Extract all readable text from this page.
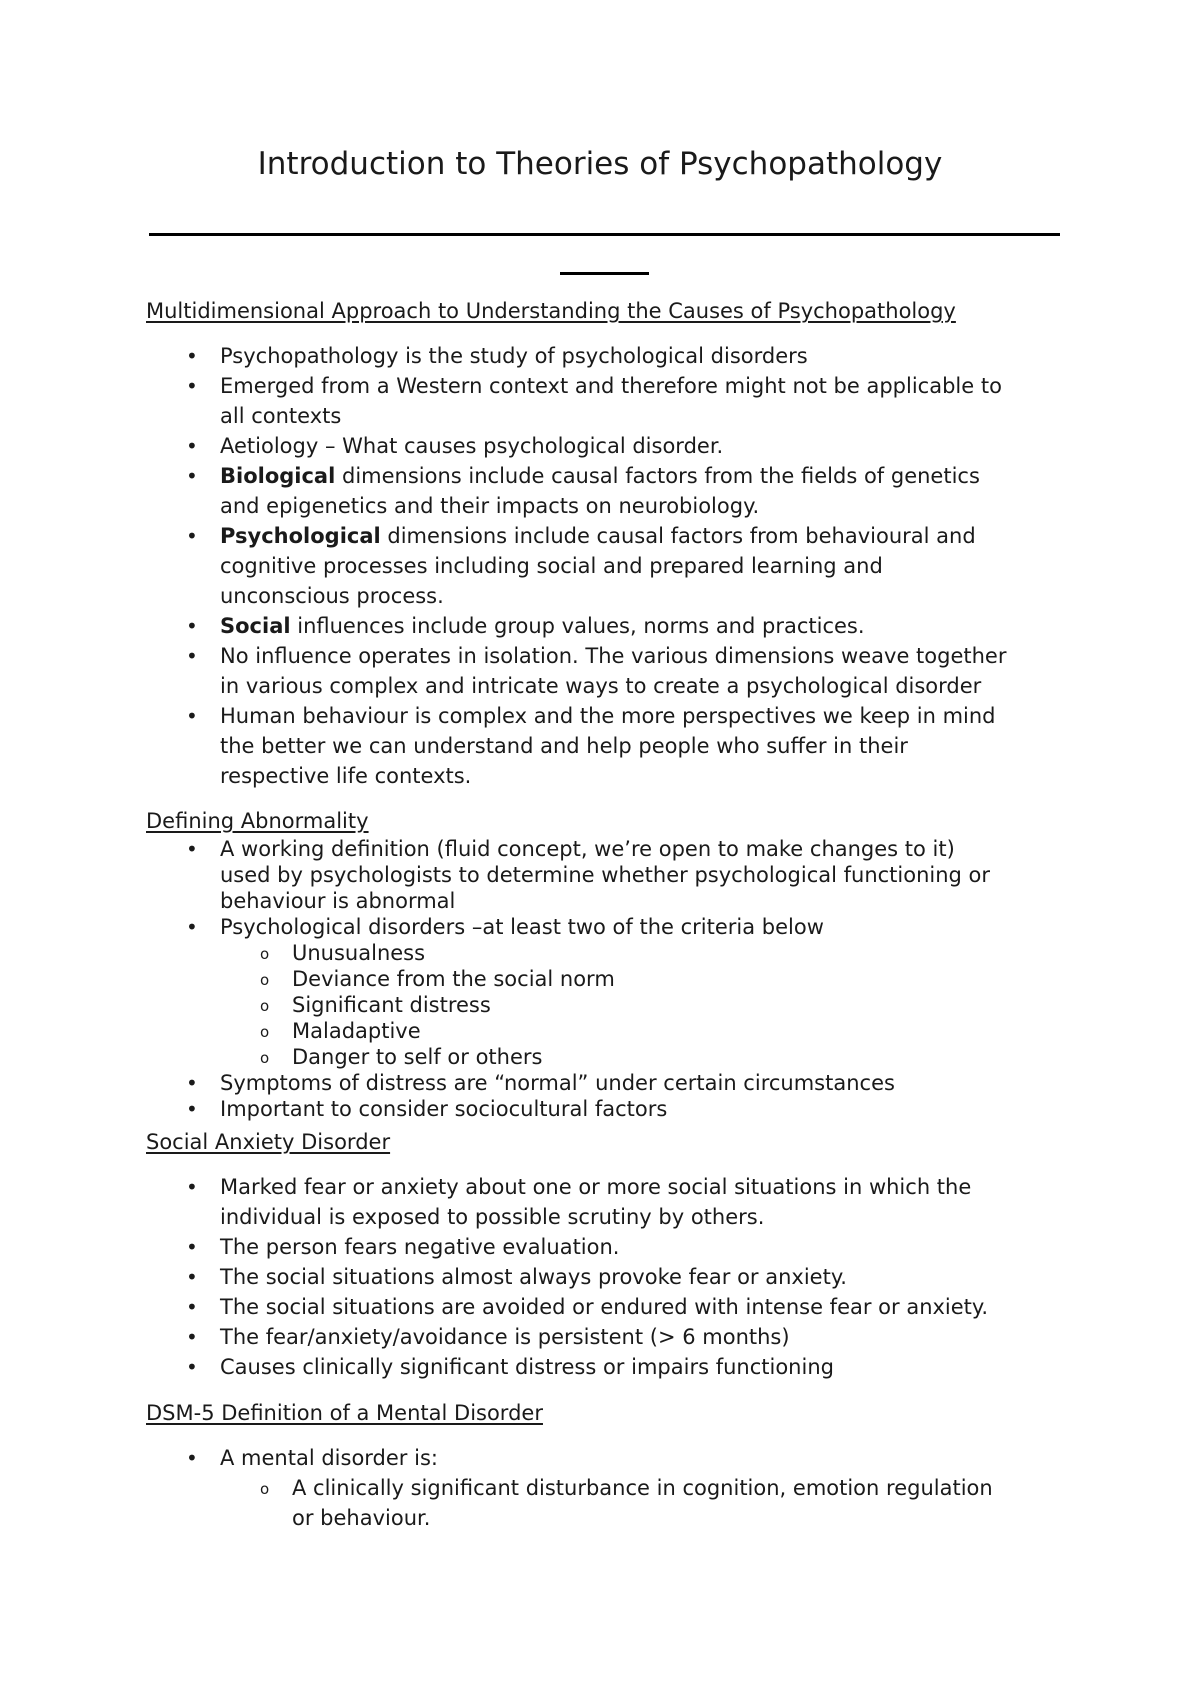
Introduction to Theories of Psychopathology
Multidimensional Approach to Understanding the Causes of Psychopathology
• Psychopathology is the study of psychological disorders
• Emerged from a Western context and therefore might not be applicable to
all contexts
• Aetiology – What causes psychological disorder.
• Biological dimensions include causal factors from the fields of genetics
and epigenetics and their impacts on neurobiology.
• Psychological dimensions include causal factors from behavioural and
cognitive processes including social and prepared learning and
unconscious process.
• Social influences include group values, norms and practices.
• No influence operates in isolation. The various dimensions weave together
in various complex and intricate ways to create a psychological disorder
• Human behaviour is complex and the more perspectives we keep in mind
the better we can understand and help people who suffer in their
respective life contexts.
Defining Abnormality
• A working definition (fluid concept, we’re open to make changes to it)
used by psychologists to determine whether psychological functioning or
behaviour is abnormal
• Psychological disorders –at least two of the criteria below
o Unusualness
o Deviance from the social norm
o Significant distress
o Maladaptive
o Danger to self or others
• Symptoms of distress are “normal” under certain circumstances
• Important to consider sociocultural factors
Social Anxiety Disorder
• Marked fear or anxiety about one or more social situations in which the
individual is exposed to possible scrutiny by others.
• The person fears negative evaluation.
• The social situations almost always provoke fear or anxiety.
• The social situations are avoided or endured with intense fear or anxiety.
• The fear/anxiety/avoidance is persistent (> 6 months)
• Causes clinically significant distress or impairs functioning
DSM-5 Definition of a Mental Disorder
• A mental disorder is:
o A clinically significant disturbance in cognition, emotion regulation
or behaviour.
